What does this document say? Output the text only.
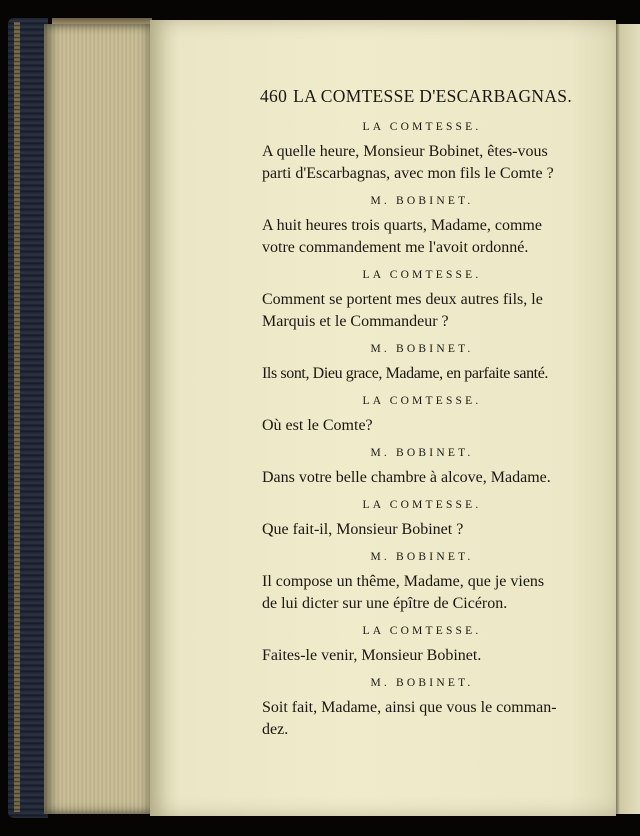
460 LA COMTESSE D'ESCARBAGNAS.
LA COMTESSE.
A quelle heure, Monsieur Bobinet, êtes-vous
parti d'Escarbagnas, avec mon fils le Comte ?
M. BOBINET.
A huit heures trois quarts, Madame, comme
votre commandement me l'avoit ordonné.
LA COMTESSE.
Comment se portent mes deux autres fils, le
Marquis et le Commandeur ?
M. BOBINET.
Ils sont, Dieu grace, Madame, en parfaite santé.
LA COMTESSE.
Où est le Comte?
M. BOBINET.
Dans votre belle chambre à alcove, Madame.
LA COMTESSE.
Que fait-il, Monsieur Bobinet ?
M. BOBINET.
Il compose un thême, Madame, que je viens
de lui dicter sur une épître de Cicéron.
LA COMTESSE.
Faites-le venir, Monsieur Bobinet.
M. BOBINET.
Soit fait, Madame, ainsi que vous le comman-
dez.
